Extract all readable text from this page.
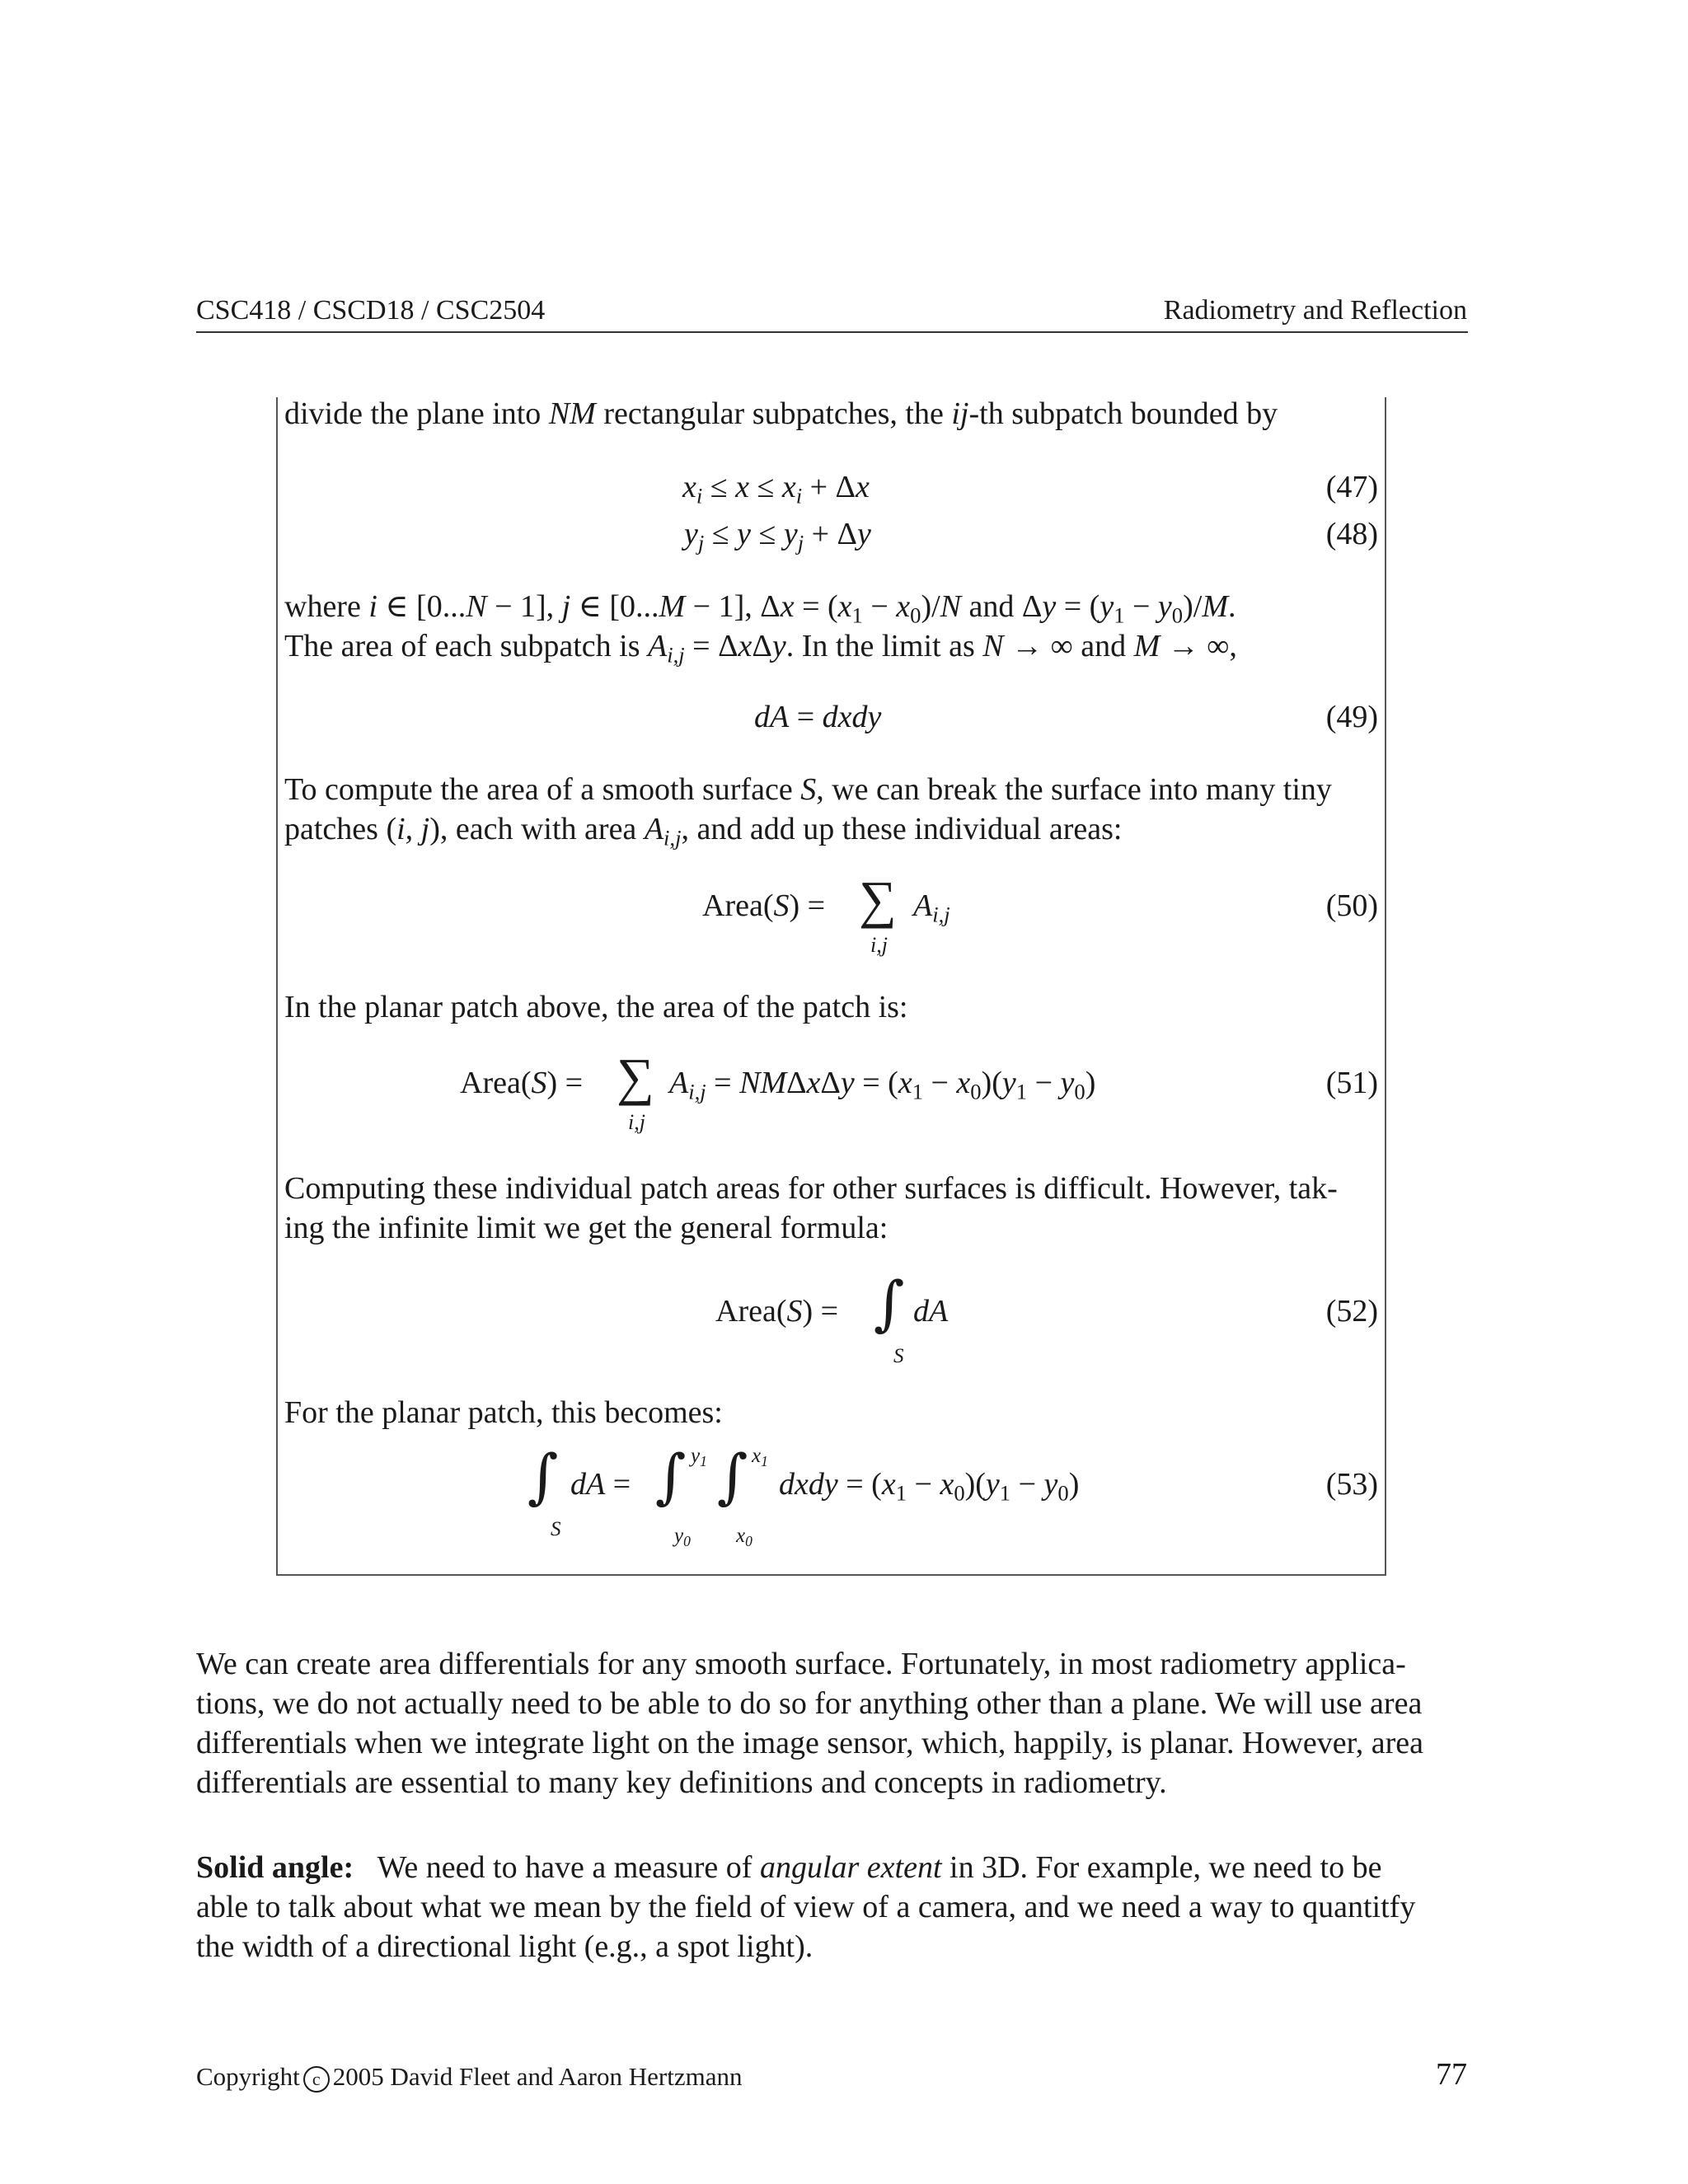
CSC418 / CSCD18 / CSC2504	Radiometry and Reflection
divide the plane into NM rectangular subpatches, the ij-th subpatch bounded by
$x_i \le x \le x_i + \Delta x$	(47)
$y_j \le y \le y_j + \Delta y$	(48)
where i ∈ [0...N − 1], j ∈ [0...M − 1], $\Delta x = (x_1 - x_0)/N$ and $\Delta y = (y_1 - y_0)/M$.
The area of each subpatch is $A_{i,j} = \Delta x\Delta y$. In the limit as N → ∞ and M → ∞,
dA = dxdy	(49)
To compute the area of a smooth surface S, we can break the surface into many tiny patches (i, j), each with area $A_{i,j}$, and add up these individual areas:
Area(S) = ∑
i,j
$A_{i,j}$	(50)
In the planar patch above, the area of the patch is:
Area(S) = ∑
i,j
$A_{i,j} = NM\Delta x\Delta y = (x_1 - x_0)(y_1 - y_0)$	(51)
Computing these individual patch areas for other surfaces is difficult. However, tak-
ing the infinite limit we get the general formula:
Area(S) = ∫
S
dA	(52)
For the planar patch, this becomes:
∫
S
dA = ∫ $y_1$
$y_0$
∫ $x_1$
$x_0$
dxdy = $(x_1 - x_0)(y_1 - y_0)$	(53)
We can create area differentials for any smooth surface. Fortunately, in most radiometry applica-
tions, we do not actually need to be able to do so for anything other than a plane. We will use area
differentials when we integrate light on the image sensor, which, happily, is planar. However, area
differentials are essential to many key definitions and concepts in radiometry.
Solid angle: We need to have a measure of angular extent in 3D. For example, we need to be
able to talk about what we mean by the field of view of a camera, and we need a way to quantitfy
the width of a directional light (e.g., a spot light).
Copyright c 2005 David Fleet and Aaron Hertzmann	77
